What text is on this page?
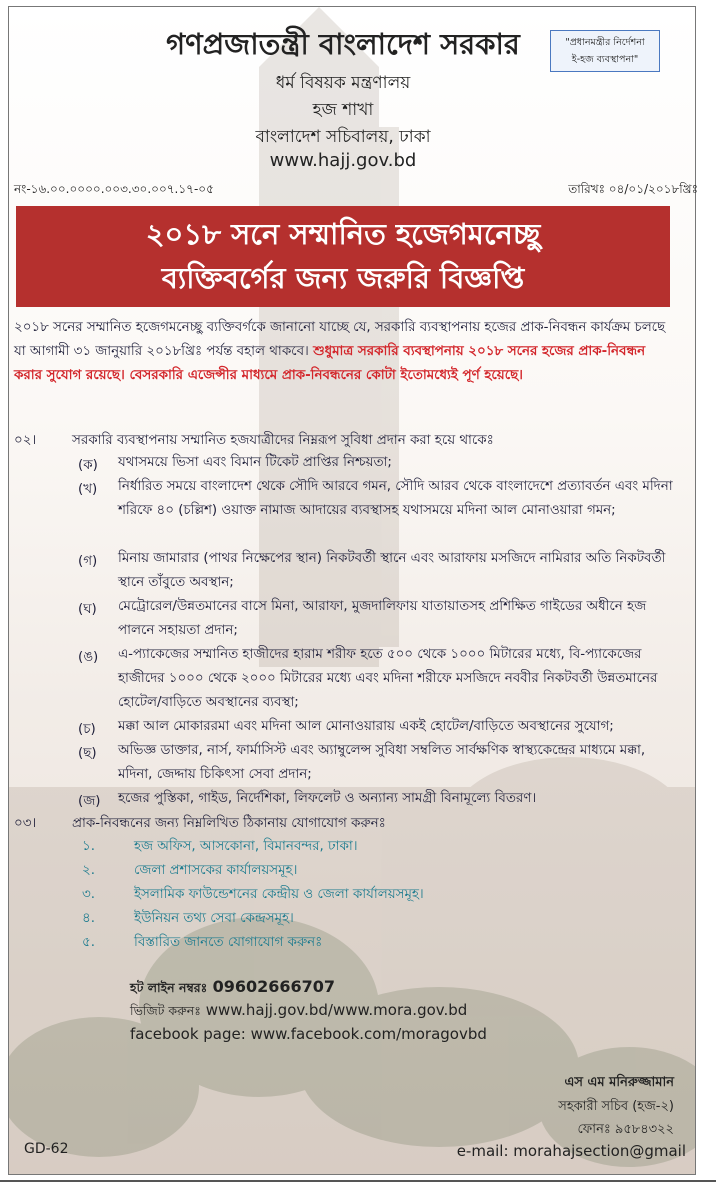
গণপ্রজাতন্ত্রী বাংলাদেশ সরকার
ধর্ম বিষয়ক মন্ত্রণালয়
হজ শাখা
বাংলাদেশ সচিবালয়, ঢাকা
www.hajj.gov.bd
"প্রধানমন্ত্রীর নির্দেশনা
ই-হজ ব্যবস্থাপনা"
নং-১৬.০০.০০০০.০০৩.৩০.০০৭.১৭-০৫	তারিখঃ ০৪/০১/২০১৮খ্রিঃ
২০১৮ সনে সম্মানিত হজেগমনেচ্ছু
ব্যক্তিবর্গের জন্য জরুরি বিজ্ঞপ্তি
২০১৮ সনের সম্মানিত হজেগমনেচ্ছু ব্যক্তিবর্গকে জানানো যাচ্ছে যে, সরকারি ব্যবস্থাপনায় হজের প্রাক-নিবন্ধন কার্যক্রম চলছে যা আগামী ৩১ জানুয়ারি ২০১৮খ্রিঃ পর্যন্ত বহাল থাকবে। শুধুমাত্র সরকারি ব্যবস্থাপনায় ২০১৮ সনের হজের প্রাক-নিবন্ধন করার সুযোগ রয়েছে। বেসরকারি এজেন্সীর মাধ্যমে প্রাক-নিবন্ধনের কোটা ইতোমধ্যেই পূর্ণ হয়েছে।
০২।	সরকারি ব্যবস্থাপনায় সম্মানিত হজযাত্রীদের নিম্নরূপ সুবিধা প্রদান করা হয়ে থাকেঃ
(ক) যথাসময়ে ভিসা এবং বিমান টিকেট প্রাপ্তির নিশ্চয়তা;
(খ) নির্ধারিত সময়ে বাংলাদেশ থেকে সৌদি আরবে গমন, সৌদি আরব থেকে বাংলাদেশে প্রত্যাবর্তন এবং মদিনা শরিফে ৪০ (চল্লিশ) ওয়াক্ত নামাজ আদায়ের ব্যবস্থাসহ যথাসময়ে মদিনা আল মোনাওয়ারা গমন;
(গ) মিনায় জামারার (পাথর নিক্ষেপের স্থান) নিকটবর্তী স্থানে এবং আরাফায় মসজিদে নামিরার অতি নিকটবর্তী স্থানে তাঁবুতে অবস্থান;
(ঘ) মেট্রোরেল/উন্নতমানের বাসে মিনা, আরাফা, মুজদালিফায় যাতায়াতসহ প্রশিক্ষিত গাইডের অধীনে হজ পালনে সহায়তা প্রদান;
(ঙ) এ-প্যাকেজের সম্মানিত হাজীদের হারাম শরীফ হতে ৫০০ থেকে ১০০০ মিটারের মধ্যে, বি-প্যাকেজের হাজীদের ১০০০ থেকে ২০০০ মিটারের মধ্যে এবং মদিনা শরীফে মসজিদে নববীর নিকটবর্তী উন্নতমানের হোটেল/বাড়িতে অবস্থানের ব্যবস্থা;
(চ) মক্কা আল মোকাররমা এবং মদিনা আল মোনাওয়ারায় একই হোটেল/বাড়িতে অবস্থানের সুযোগ;
(ছ) অভিজ্ঞ ডাক্তার, নার্স, ফার্মাসিস্ট এবং অ্যাম্বুলেন্স সুবিধা সম্বলিত সার্বক্ষণিক স্বাস্থ্যকেন্দ্রের মাধ্যমে মক্কা, মদিনা, জেদ্দায় চিকিৎসা সেবা প্রদান;
(জ) হজের পুস্তিকা, গাইড, নির্দেশিকা, লিফলেট ও অন্যান্য সামগ্রী বিনামূল্যে বিতরণ।
০৩।	প্রাক-নিবন্ধনের জন্য নিম্নলিখিত ঠিকানায় যোগাযোগ করুনঃ
১.	হজ অফিস, আসকোনা, বিমানবন্দর, ঢাকা।
২.	জেলা প্রশাসকের কার্যালয়সমূহ।
৩.	ইসলামিক ফাউন্ডেশনের কেন্দ্রীয় ও জেলা কার্যালয়সমূহ।
৪.	ইউনিয়ন তথ্য সেবা কেন্দ্রসমূহ।
৫.	বিস্তারিত জানতে যোগাযোগ করুনঃ
হট লাইন নম্বরঃ 09602666707
ভিজিট করুনঃ www.hajj.gov.bd/www.mora.gov.bd
facebook page: www.facebook.com/moragovbd
এস এম মনিরুজ্জামান
সহকারী সচিব (হজ-২)
ফোনঃ ৯৫৮৪৩২২
e-mail: morahajsection@gmail
GD-62
